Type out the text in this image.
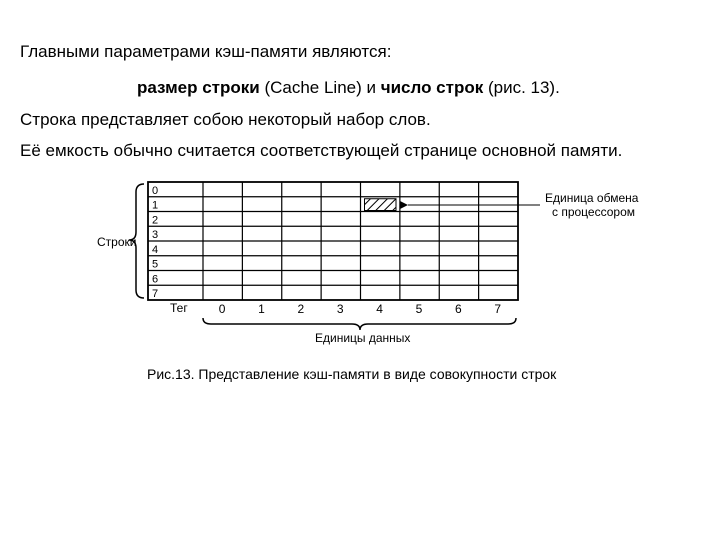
Главными параметрами кэш-памяти являются:
размер строки (Cache Line) и число строк (рис. 13).
Строка представляет собою некоторый набор слов.
Её емкость обычно считается соответствующей странице основной памяти.
0
1
2
3
4
5
6
7
0	1	2	3	4	5	6	7
Строки
Единицы данных
Тег
Единица обмена
с процессором
Рис.13. Представление кэш-памяти в виде совокупности строк
